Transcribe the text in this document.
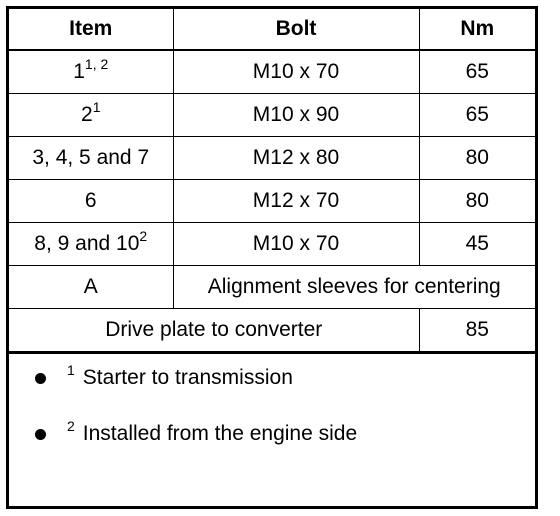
Item	Bolt	Nm
1$^{1, 2}$	M10 x 70	65
$2^1$	M10 x 90	65
3, 4, 5 and 7	M12 x 80	80
6	M12 x 70	80
8, 9 and $10^2$	M10 x 70	45
A	Alignment sleeves for centering	
Drive plate to converter		85
$^1$ Starter to transmission
$^2$ Installed from the engine side
